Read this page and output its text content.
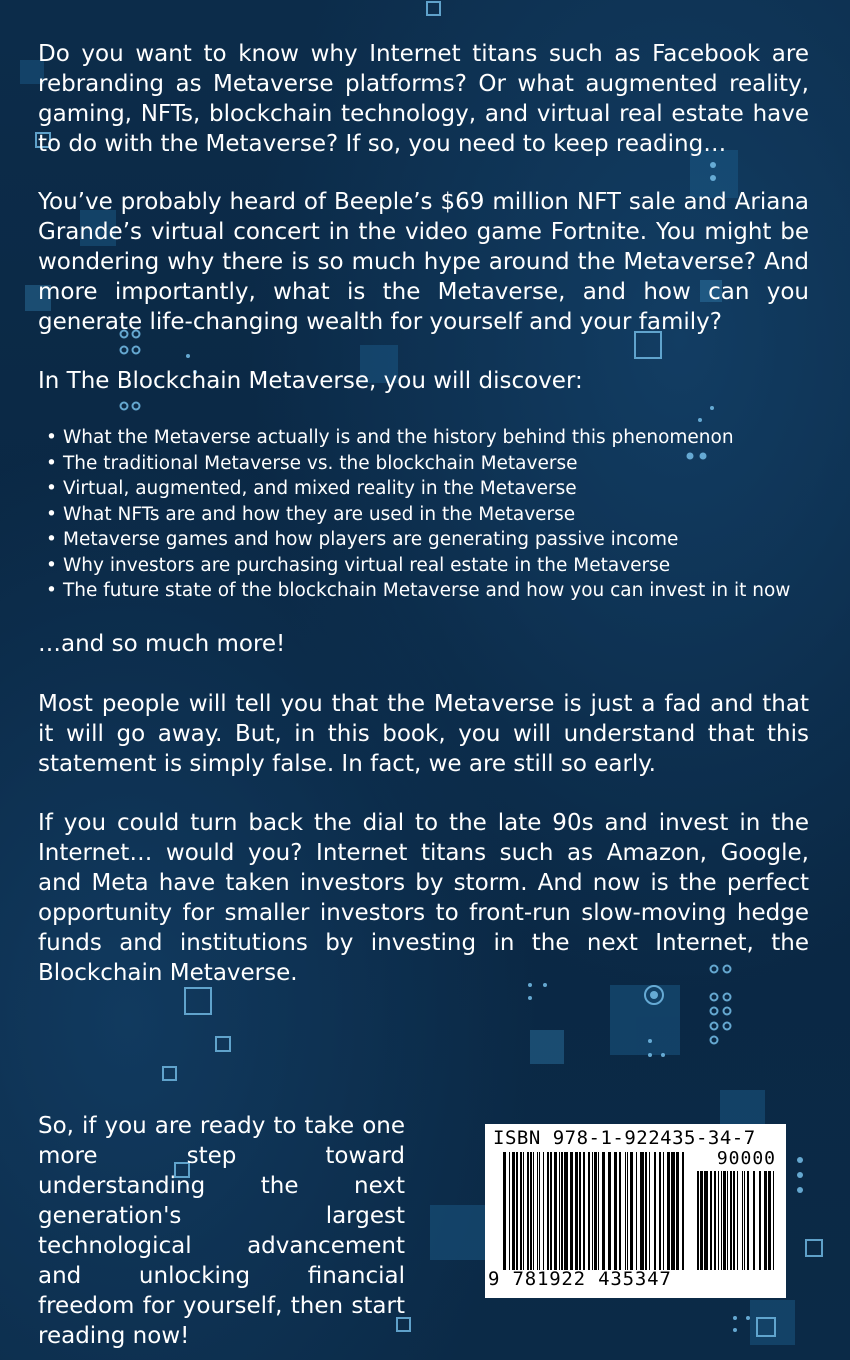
Do you want to know why Internet titans such as Facebook are rebranding as Metaverse platforms? Or what augmented reality, gaming, NFTs, blockchain technology, and virtual real estate have to do with the Metaverse? If so, you need to keep reading…

You’ve probably heard of Beeple’s $69 million NFT sale and Ariana Grande’s virtual concert in the video game Fortnite. You might be wondering why there is so much hype around the Metaverse? And more importantly, what is the Metaverse, and how can you generate life-changing wealth for yourself and your family?

In The Blockchain Metaverse, you will discover:

• What the Metaverse actually is and the history behind this phenomenon
• The traditional Metaverse vs. the blockchain Metaverse
• Virtual, augmented, and mixed reality in the Metaverse
• What NFTs are and how they are used in the Metaverse
• Metaverse games and how players are generating passive income
• Why investors are purchasing virtual real estate in the Metaverse
• The future state of the blockchain Metaverse and how you can invest in it now

…and so much more!

Most people will tell you that the Metaverse is just a fad and that it will go away. But, in this book, you will understand that this statement is simply false. In fact, we are still so early.

If you could turn back the dial to the late 90s and invest in the Internet… would you? Internet titans such as Amazon, Google, and Meta have taken investors by storm. And now is the perfect opportunity for smaller investors to front-run slow-moving hedge funds and institutions by investing in the next Internet, the Blockchain Metaverse.

So, if you are ready to take one more step toward understanding the next generation's largest technological advancement and unlocking financial freedom for yourself, then start reading now!

ISBN 978-1-922435-34-7
90000
9 781922 435347
